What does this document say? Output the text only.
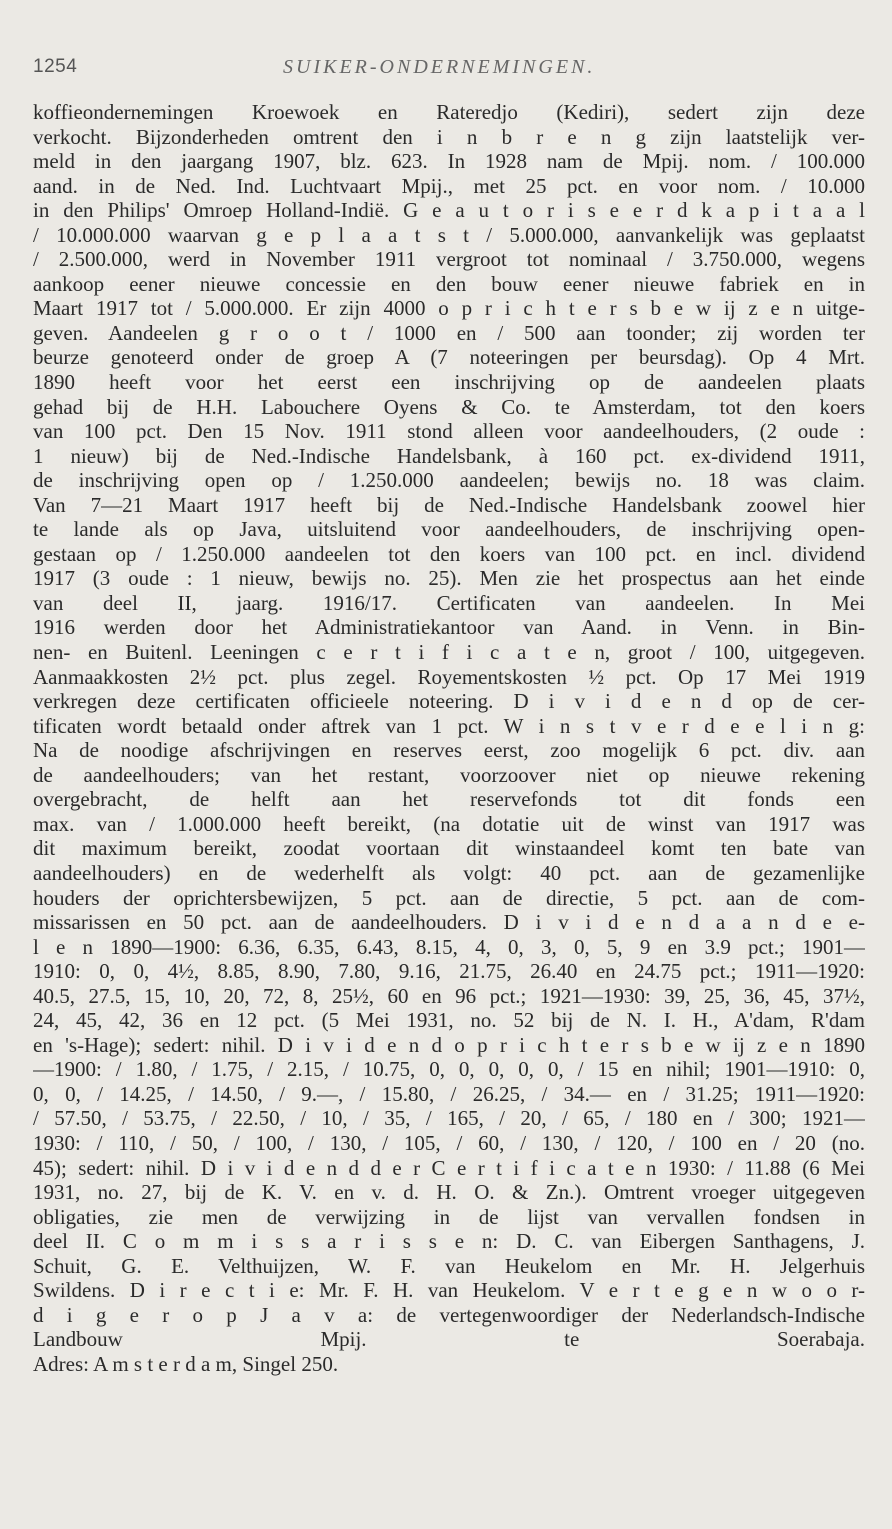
1254	SUIKER-ONDERNEMINGEN.
koffieondernemingen Kroewoek en Rateredjo (Kediri), sedert zijn deze
verkocht. Bijzonderheden omtrent den i n b r e n g zijn laatstelijk ver-
meld in den jaargang 1907, blz. 623. In 1928 nam de Mpij. nom. / 100.000
aand. in de Ned. Ind. Luchtvaart Mpij., met 25 pct. en voor nom. / 10.000
in den Philips' Omroep Holland-Indië. G e a u t o r i s e e r d k a p i t a a l
/ 10.000.000 waarvan g e p l a a t s t / 5.000.000, aanvankelijk was geplaatst
/ 2.500.000, werd in November 1911 vergroot tot nominaal / 3.750.000, wegens
aankoop eener nieuwe concessie en den bouw eener nieuwe fabriek en in
Maart 1917 tot / 5.000.000. Er zijn 4000 o p r i c h t e r s b e w ij z e n uitge-
geven. Aandeelen g r o o t / 1000 en / 500 aan toonder; zij worden ter
beurze genoteerd onder de groep A (7 noteeringen per beursdag). Op 4 Mrt.
1890 heeft voor het eerst een inschrijving op de aandeelen plaats
gehad bij de H.H. Labouchere Oyens & Co. te Amsterdam, tot den koers
van 100 pct. Den 15 Nov. 1911 stond alleen voor aandeelhouders, (2 oude :
1 nieuw) bij de Ned.-Indische Handelsbank, à 160 pct. ex-dividend 1911,
de inschrijving open op / 1.250.000 aandeelen; bewijs no. 18 was claim.
Van 7—21 Maart 1917 heeft bij de Ned.-Indische Handelsbank zoowel hier
te lande als op Java, uitsluitend voor aandeelhouders, de inschrijving open-
gestaan op / 1.250.000 aandeelen tot den koers van 100 pct. en incl. dividend
1917 (3 oude : 1 nieuw, bewijs no. 25). Men zie het prospectus aan het einde
van deel II, jaarg. 1916/17. Certificaten van aandeelen. In Mei
1916 werden door het Administratiekantoor van Aand. in Venn. in Bin-
nen- en Buitenl. Leeningen c e r t i f i c a t e n, groot / 100, uitgegeven.
Aanmaakkosten 2½ pct. plus zegel. Royementskosten ½ pct. Op 17 Mei 1919
verkregen deze certificaten officieele noteering. D i v i d e n d op de cer-
tificaten wordt betaald onder aftrek van 1 pct. W i n s t v e r d e e l i n g:
Na de noodige afschrijvingen en reserves eerst, zoo mogelijk 6 pct. div. aan
de aandeelhouders; van het restant, voorzoover niet op nieuwe rekening
overgebracht, de helft aan het reservefonds tot dit fonds een
max. van / 1.000.000 heeft bereikt, (na dotatie uit de winst van 1917 was
dit maximum bereikt, zoodat voortaan dit winstaandeel komt ten bate van
aandeelhouders) en de wederhelft als volgt: 40 pct. aan de gezamenlijke
houders der oprichtersbewijzen, 5 pct. aan de directie, 5 pct. aan de com-
missarissen en 50 pct. aan de aandeelhouders. D i v i d e n d a a n d e e-
l e n 1890—1900: 6.36, 6.35, 6.43, 8.15, 4, 0, 3, 0, 5, 9 en 3.9 pct.; 1901—
1910: 0, 0, 4½, 8.85, 8.90, 7.80, 9.16, 21.75, 26.40 en 24.75 pct.; 1911—1920:
40.5, 27.5, 15, 10, 20, 72, 8, 25½, 60 en 96 pct.; 1921—1930: 39, 25, 36, 45, 37½,
24, 45, 42, 36 en 12 pct. (5 Mei 1931, no. 52 bij de N. I. H., A'dam, R'dam
en 's-Hage); sedert: nihil. D i v i d e n d o p r i c h t e r s b e w ij z e n 1890
—1900: / 1.80, / 1.75, / 2.15, / 10.75, 0, 0, 0, 0, 0, / 15 en nihil; 1901—1910: 0,
0, 0, / 14.25, / 14.50, / 9.—, / 15.80, / 26.25, / 34.— en / 31.25; 1911—1920:
/ 57.50, / 53.75, / 22.50, / 10, / 35, / 165, / 20, / 65, / 180 en / 300; 1921—
1930: / 110, / 50, / 100, / 130, / 105, / 60, / 130, / 120, / 100 en / 20 (no.
45); sedert: nihil. D i v i d e n d d e r C e r t i f i c a t e n 1930: / 11.88 (6 Mei
1931, no. 27, bij de K. V. en v. d. H. O. & Zn.). Omtrent vroeger uitgegeven
obligaties, zie men de verwijzing in de lijst van vervallen fondsen in
deel II. C o m m i s s a r i s s e n: D. C. van Eibergen Santhagens, J.
Schuit, G. E. Velthuijzen, W. F. van Heukelom en Mr. H. Jelgerhuis
Swildens. D i r e c t i e: Mr. F. H. van Heukelom. V e r t e g e n w o o r-
d i g e r o p J a v a: de vertegenwoordiger der Nederlandsch-Indische
Landbouw Mpij. te Soerabaja.
Adres: A m s t e r d a m, Singel 250.
